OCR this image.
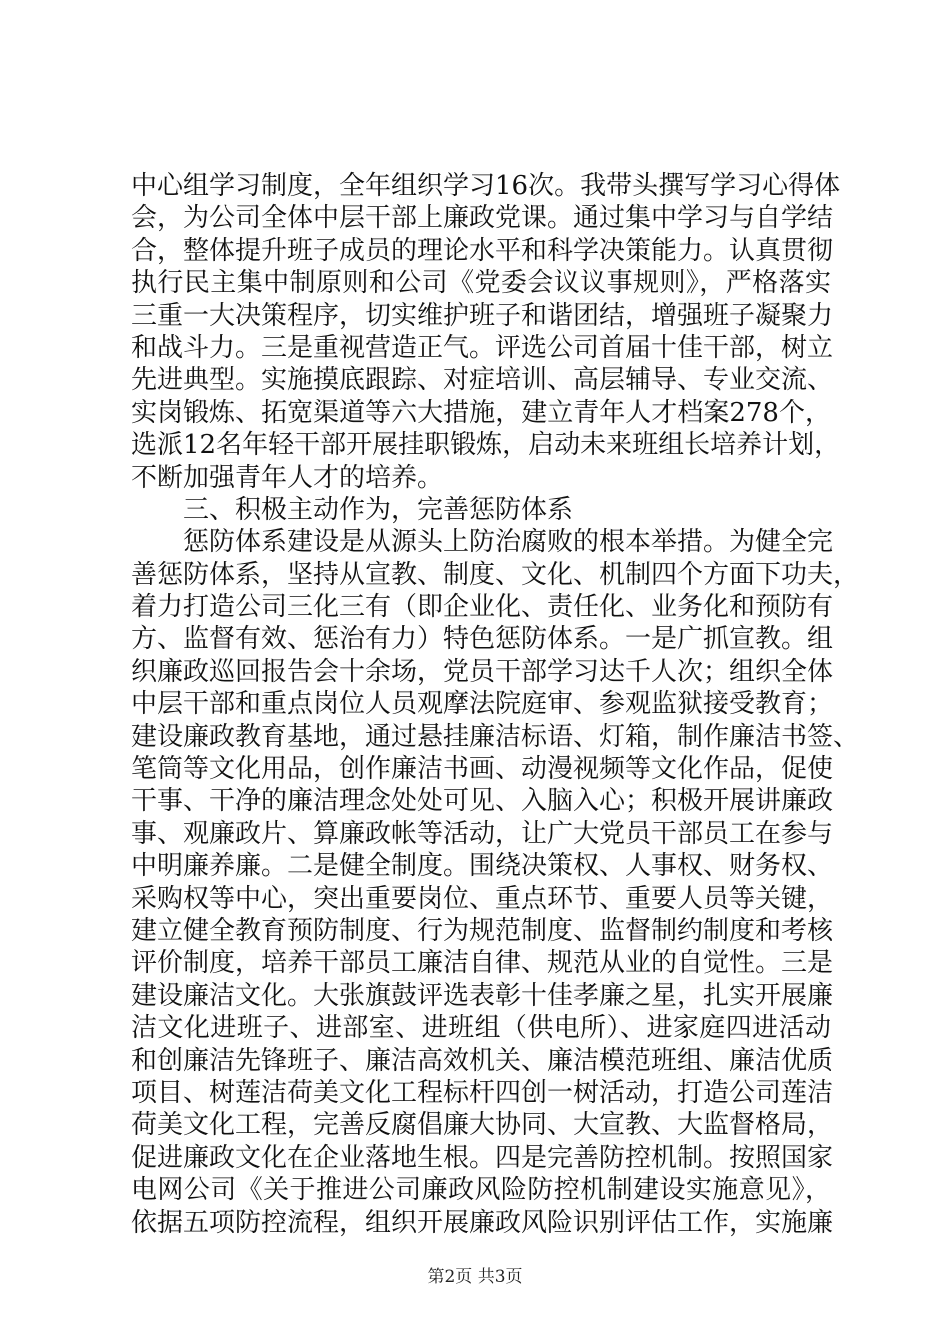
中心组学习制度，全年组织学习16次。我带头撰写学习心得体
会，为公司全体中层干部上廉政党课。通过集中学习与自学结
合，整体提升班子成员的理论水平和科学决策能力。认真贯彻
执行民主集中制原则和公司《党委会议议事规则》，严格落实
三重一大决策程序，切实维护班子和谐团结，增强班子凝聚力
和战斗力。三是重视营造正气。评选公司首届十佳干部，树立
先进典型。实施摸底跟踪、对症培训、高层辅导、专业交流、
实岗锻炼、拓宽渠道等六大措施，建立青年人才档案278个，
选派12名年轻干部开展挂职锻炼，启动未来班组长培养计划，
不断加强青年人才的培养。
三、积极主动作为，完善惩防体系
惩防体系建设是从源头上防治腐败的根本举措。为健全完
善惩防体系，坚持从宣教、制度、文化、机制四个方面下功夫，
着力打造公司三化三有（即企业化、责任化、业务化和预防有
方、监督有效、惩治有力）特色惩防体系。一是广抓宣教。组
织廉政巡回报告会十余场，党员干部学习达千人次；组织全体
中层干部和重点岗位人员观摩法院庭审、参观监狱接受教育；
建设廉政教育基地，通过悬挂廉洁标语、灯箱，制作廉洁书签、
笔筒等文化用品，创作廉洁书画、动漫视频等文化作品，促使
干事、干净的廉洁理念处处可见、入脑入心；积极开展讲廉政
事、观廉政片、算廉政帐等活动，让广大党员干部员工在参与
中明廉养廉。二是健全制度。围绕决策权、人事权、财务权、
采购权等中心，突出重要岗位、重点环节、重要人员等关键，
建立健全教育预防制度、行为规范制度、监督制约制度和考核
评价制度，培养干部员工廉洁自律、规范从业的自觉性。三是
建设廉洁文化。大张旗鼓评选表彰十佳孝廉之星，扎实开展廉
洁文化进班子、进部室、进班组（供电所）、进家庭四进活动
和创廉洁先锋班子、廉洁高效机关、廉洁模范班组、廉洁优质
项目、树莲洁荷美文化工程标杆四创一树活动，打造公司莲洁
荷美文化工程，完善反腐倡廉大协同、大宣教、大监督格局，
促进廉政文化在企业落地生根。四是完善防控机制。按照国家
电网公司《关于推进公司廉政风险防控机制建设实施意见》，
依据五项防控流程，组织开展廉政风险识别评估工作，实施廉
第2页 共3页
